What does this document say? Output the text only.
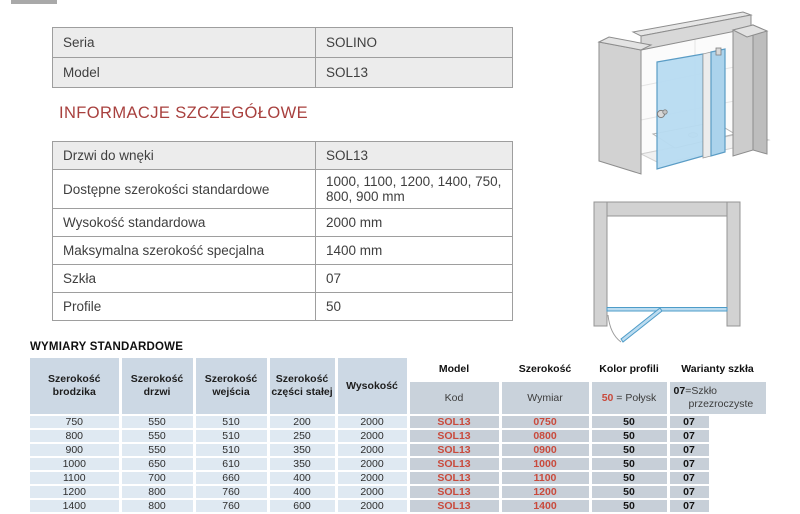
Seria	SOLINO
Model	SOL13
INFORMACJE SZCZEGÓŁOWE
Drzwi do wnęki	SOL13
Dostępne szerokości standardowe	1000, 1100, 1200, 1400, 750, 800, 900 mm
Wysokość standardowa	2000 mm
Maksymalna szerokość specjalna	1400 mm
Szkła	07
Profile	50
WYMIARY STANDARDOWE
Szerokość brodzika	Szerokość drzwi	Szerokość wejścia	Szerokość części stałej	Wysokość	Model	Szerokość	Kolor profili	Warianty szkła	
					Kod	Wymiar	50 = Połysk	07=Szkło przezroczyste	
750	550	510	200	2000	SOL13	0750	50	07	
800	550	510	250	2000	SOL13	0800	50	07	
900	550	510	350	2000	SOL13	0900	50	07	
1000	650	610	350	2000	SOL13	1000	50	07	
1100	700	660	400	2000	SOL13	1100	50	07	
1200	800	760	400	2000	SOL13	1200	50	07	
1400	800	760	600	2000	SOL13	1400	50	07	
